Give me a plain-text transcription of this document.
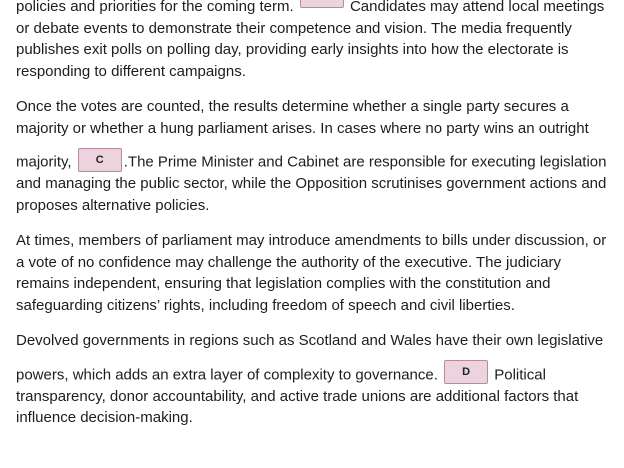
policies and priorities for the coming term.	Candidates may attend local meetings or debate events to demonstrate their competence and vision. The media frequently publishes exit polls on polling day, providing early insights into how the electorate is responding to different campaigns.

Once the votes are counted, the results determine whether a single party secures a majority or whether a hung parliament arises. In cases where no party wins an outright majority, C .The Prime Minister and Cabinet are responsible for executing legislation and managing the public sector, while the Opposition scrutinises government actions and proposes alternative policies.

At times, members of parliament may introduce amendments to bills under discussion, or a vote of no confidence may challenge the authority of the executive. The judiciary remains independent, ensuring that legislation complies with the constitution and safeguarding citizens’ rights, including freedom of speech and civil liberties.

Devolved governments in regions such as Scotland and Wales have their own legislative powers, which adds an extra layer of complexity to governance. D Political transparency, donor accountability, and active trade unions are additional factors that influence decision-making.
